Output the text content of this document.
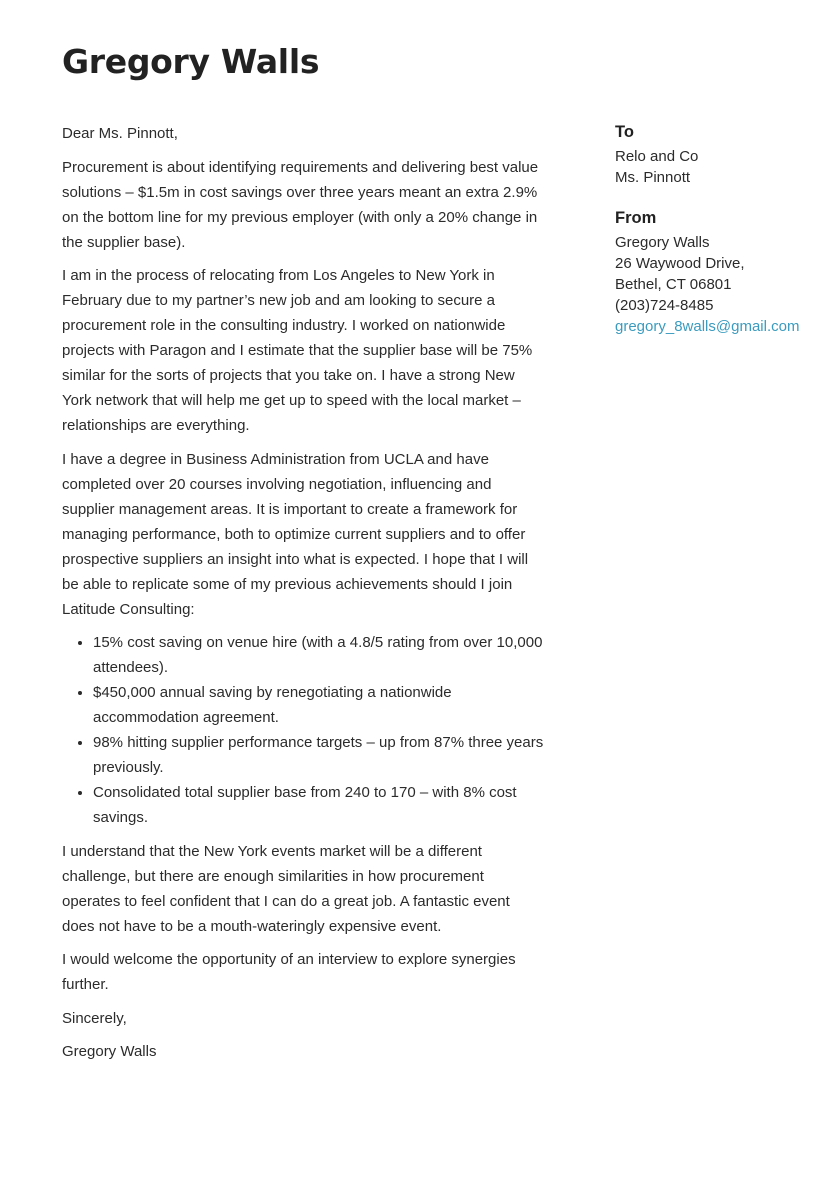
Gregory Walls

Dear Ms. Pinnott,

Procurement is about identifying requirements and delivering best value solutions – $1.5m in cost savings over three years meant an extra 2.9% on the bottom line for my previous employer (with only a 20% change in the supplier base).

I am in the process of relocating from Los Angeles to New York in February due to my partner’s new job and am looking to secure a procurement role in the consulting industry. I worked on nationwide projects with Paragon and I estimate that the supplier base will be 75% similar for the sorts of projects that you take on. I have a strong New York network that will help me get up to speed with the local market – relationships are everything.

I have a degree in Business Administration from UCLA and have completed over 20 courses involving negotiation, influencing and supplier management areas. It is important to create a framework for managing performance, both to optimize current suppliers and to offer prospective suppliers an insight into what is expected. I hope that I will be able to replicate some of my previous achievements should I join Latitude Consulting:

• 15% cost saving on venue hire (with a 4.8/5 rating from over 10,000 attendees).
• $450,000 annual saving by renegotiating a nationwide accommodation agreement.
• 98% hitting supplier performance targets – up from 87% three years previously.
• Consolidated total supplier base from 240 to 170 – with 8% cost savings.

I understand that the New York events market will be a different challenge, but there are enough similarities in how procurement operates to feel confident that I can do a great job. A fantastic event does not have to be a mouth-wateringly expensive event.

I would welcome the opportunity of an interview to explore synergies further.

Sincerely,

Gregory Walls

To
Relo and Co
Ms. Pinnott
From
Gregory Walls
26 Waywood Drive,
Bethel, CT 06801
(203)724-8485
gregory_8walls@gmail.com
